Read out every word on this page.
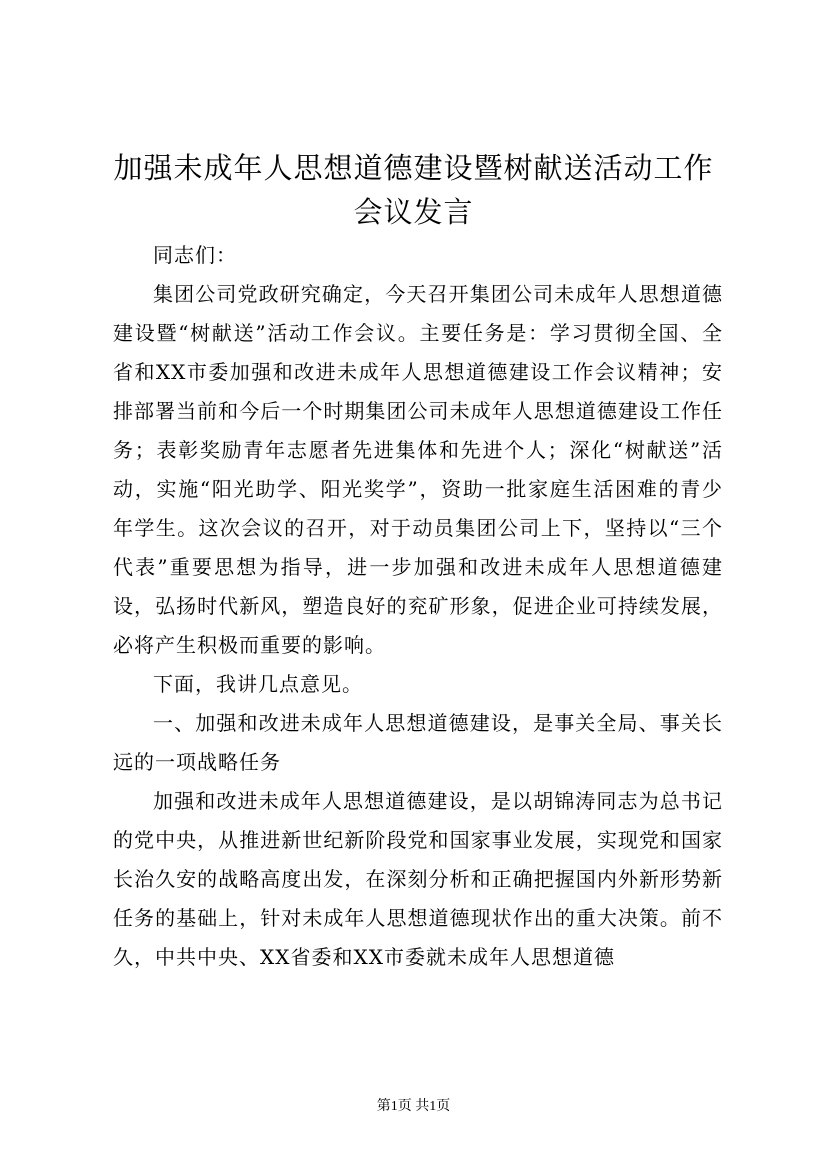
加强未成年人思想道德建设暨树献送活动工作
会议发言

同志们：

集团公司党政研究确定，今天召开集团公司未成年人思想道德建设暨“树献送”活动工作会议。主要任务是：学习贯彻全国、全省和XX市委加强和改进未成年人思想道德建设工作会议精神；安排部署当前和今后一个时期集团公司未成年人思想道德建设工作任务；表彰奖励青年志愿者先进集体和先进个人；深化“树献送”活动，实施“阳光助学、阳光奖学”，资助一批家庭生活困难的青少年学生。这次会议的召开，对于动员集团公司上下，坚持以“三个代表”重要思想为指导，进一步加强和改进未成年人思想道德建设，弘扬时代新风，塑造良好的兖矿形象，促进企业可持续发展，必将产生积极而重要的影响。

下面，我讲几点意见。

一、加强和改进未成年人思想道德建设，是事关全局、事关长远的一项战略任务

加强和改进未成年人思想道德建设，是以胡锦涛同志为总书记的党中央，从推进新世纪新阶段党和国家事业发展，实现党和国家长治久安的战略高度出发，在深刻分析和正确把握国内外新形势新任务的基础上，针对未成年人思想道德现状作出的重大决策。前不久，中共中央、XX省委和XX市委就未成年人思想道德

第1页 共1页
